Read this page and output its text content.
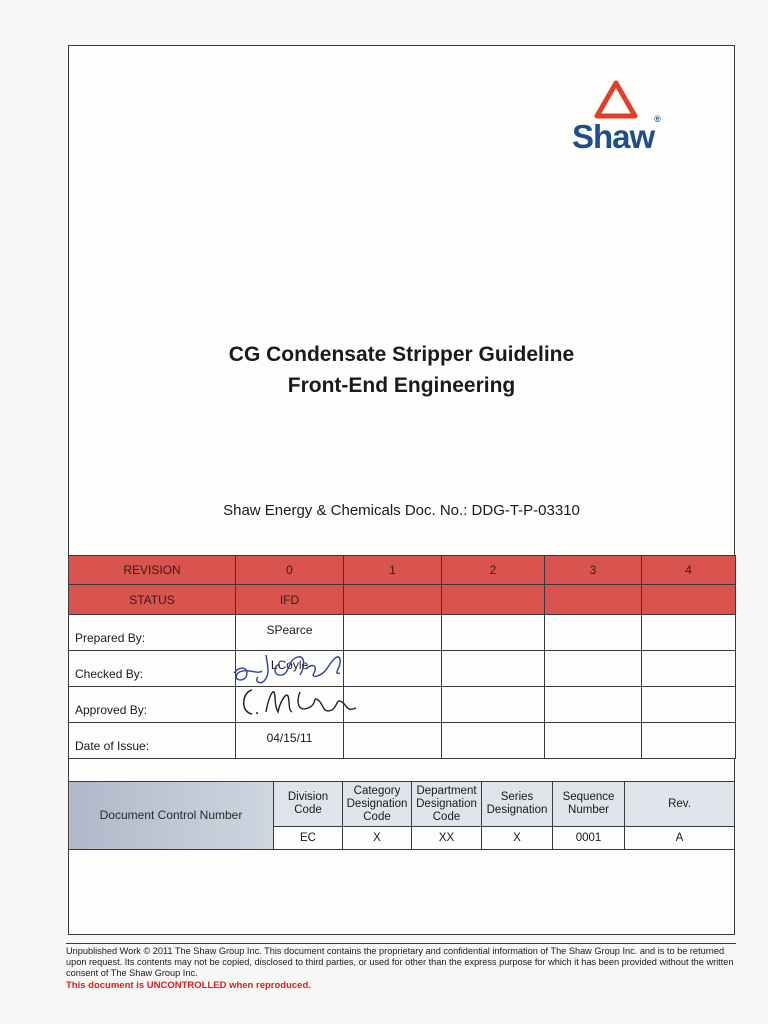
Shaw®
CG Condensate Stripper Guideline
Front-End Engineering
Shaw Energy & Chemicals Doc. No.: DDG-T-P-03310
REVISION	0	1	2	3	4
STATUS	IFD				

Prepared By:	SPearce				

Checked By:	LCoyle				

Approved By:					

Date of Issue:	04/15/11				

Document Control Number	Division Code	Category Designation Code	Department Designation Code	Series Designation	Sequence Number	Rev.
	EC	X	XX	X	0001	A
Unpublished Work © 2011 The Shaw Group Inc. This document contains the proprietary and confidential information of The Shaw Group Inc. and is to be returned upon request. Its contents may not be copied, disclosed to third parties, or used for other than the express purpose for which it has been provided without the written consent of The Shaw Group Inc.
This document is UNCONTROLLED when reproduced.
